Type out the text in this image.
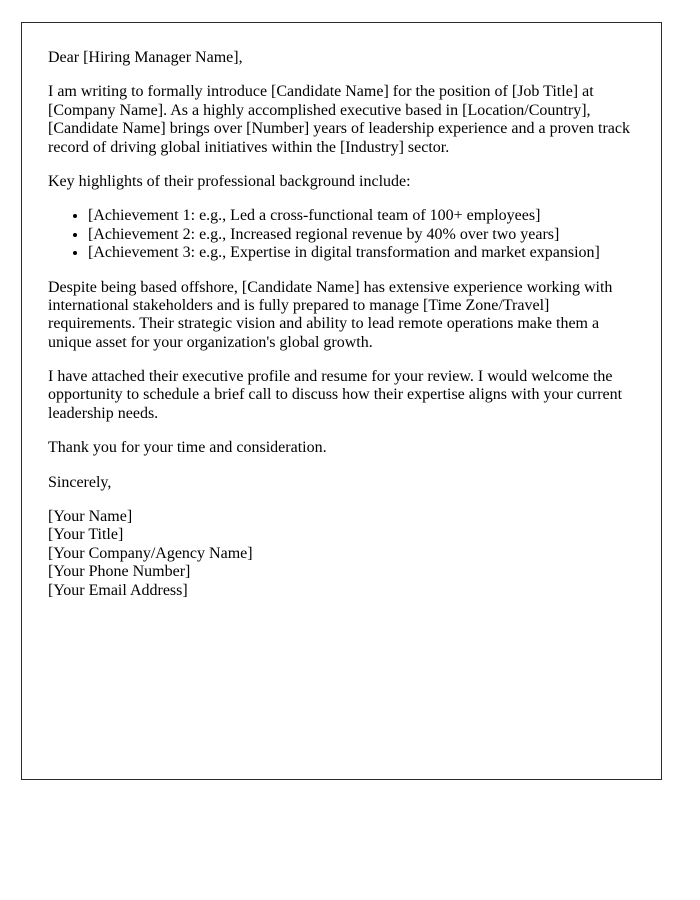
Dear [Hiring Manager Name],

I am writing to formally introduce [Candidate Name] for the position of [Job Title] at [Company Name]. As a highly accomplished executive based in [Location/Country], [Candidate Name] brings over [Number] years of leadership experience and a proven track record of driving global initiatives within the [Industry] sector.

Key highlights of their professional background include:

• [Achievement 1: e.g., Led a cross-functional team of 100+ employees]
• [Achievement 2: e.g., Increased regional revenue by 40% over two years]
• [Achievement 3: e.g., Expertise in digital transformation and market expansion]

Despite being based offshore, [Candidate Name] has extensive experience working with international stakeholders and is fully prepared to manage [Time Zone/Travel] requirements. Their strategic vision and ability to lead remote operations make them a unique asset for your organization's global growth.

I have attached their executive profile and resume for your review. I would welcome the opportunity to schedule a brief call to discuss how their expertise aligns with your current leadership needs.

Thank you for your time and consideration.

Sincerely,

[Your Name]
[Your Title]
[Your Company/Agency Name]
[Your Phone Number]
[Your Email Address]
